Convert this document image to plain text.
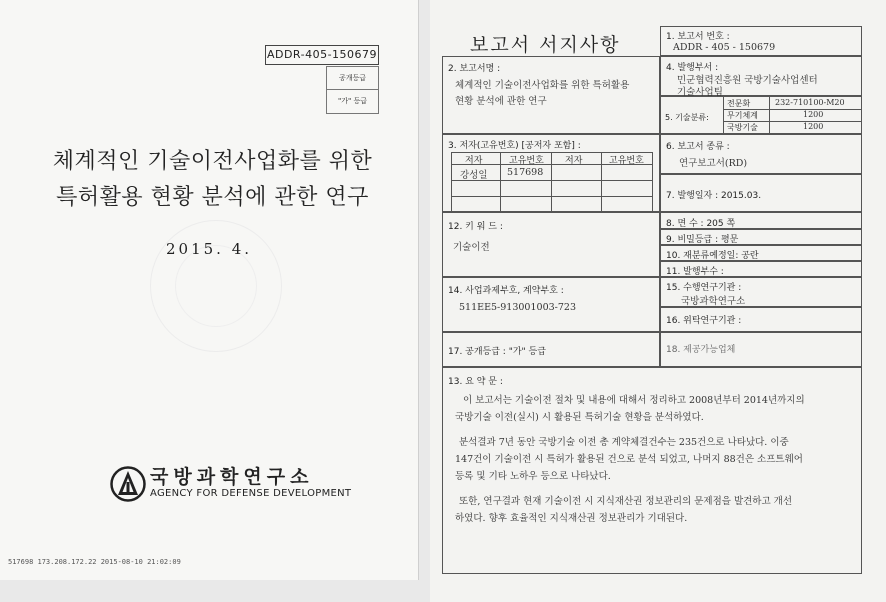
ADDR-405-150679
공개등급
"가" 등급
체계적인 기술이전사업화를 위한
특허활용 현황 분석에 관한 연구
2015. 4.
국방과학연구소
AGENCY FOR DEFENSE DEVELOPMENT
517698 173.208.172.22 2015-08-10 21:02:09
보고서 서지사항	1. 보고서 번호 :
ADDR - 405 - 150679
2. 보고서명 :
체계적인 기술이전사업화를 위한 특허활용
현황 분석에 관한 연구
4. 발행부서 :
민군협력진흥원 국방기술사업센터
기술사업팀
5. 기술분류:
전문화	232-710100-M20
무기체계	1200
국방기술	1200
3. 저자(고유번호) [공저자 포함] :
저자	고유번호 저자	고유번호
강성일 517698
6. 보고서 종류 :
연구보고서(RD)
7. 발행일자 : 2015.03.
12. 키 워 드 :
기술이전
8. 면 수 : 205 쪽
9. 비밀등급 : 평문
10. 재분류예정일: 공란
11. 발행부수 :
14. 사업과제부호, 계약부호 :
511EE5-913001003-723
15. 수행연구기관 :
국방과학연구소
16. 위탁연구기관 :
17. 공개등급 : "가" 등급	18. 제공가능업체
13. 요 약 문 :
이 보고서는 기술이전 절차 및 내용에 대해서 정리하고 2008년부터 2014년까지의
국방기술 이전(실시) 시 활용된 특허기술 현황을 분석하였다.
분석결과 7년 동안 국방기술 이전 총 계약체결건수는 235건으로 나타났다. 이중
147건이 기술이전 시 특허가 활용된 건으로 분석 되었고, 나머지 88건은 소프트웨어
등록 및 기타 노하우 등으로 나타났다.
또한, 연구결과 현재 기술이전 시 지식재산권 정보관리의 문제점을 발견하고 개선
하였다. 향후 효율적인 지식재산권 정보관리가 기대된다.
